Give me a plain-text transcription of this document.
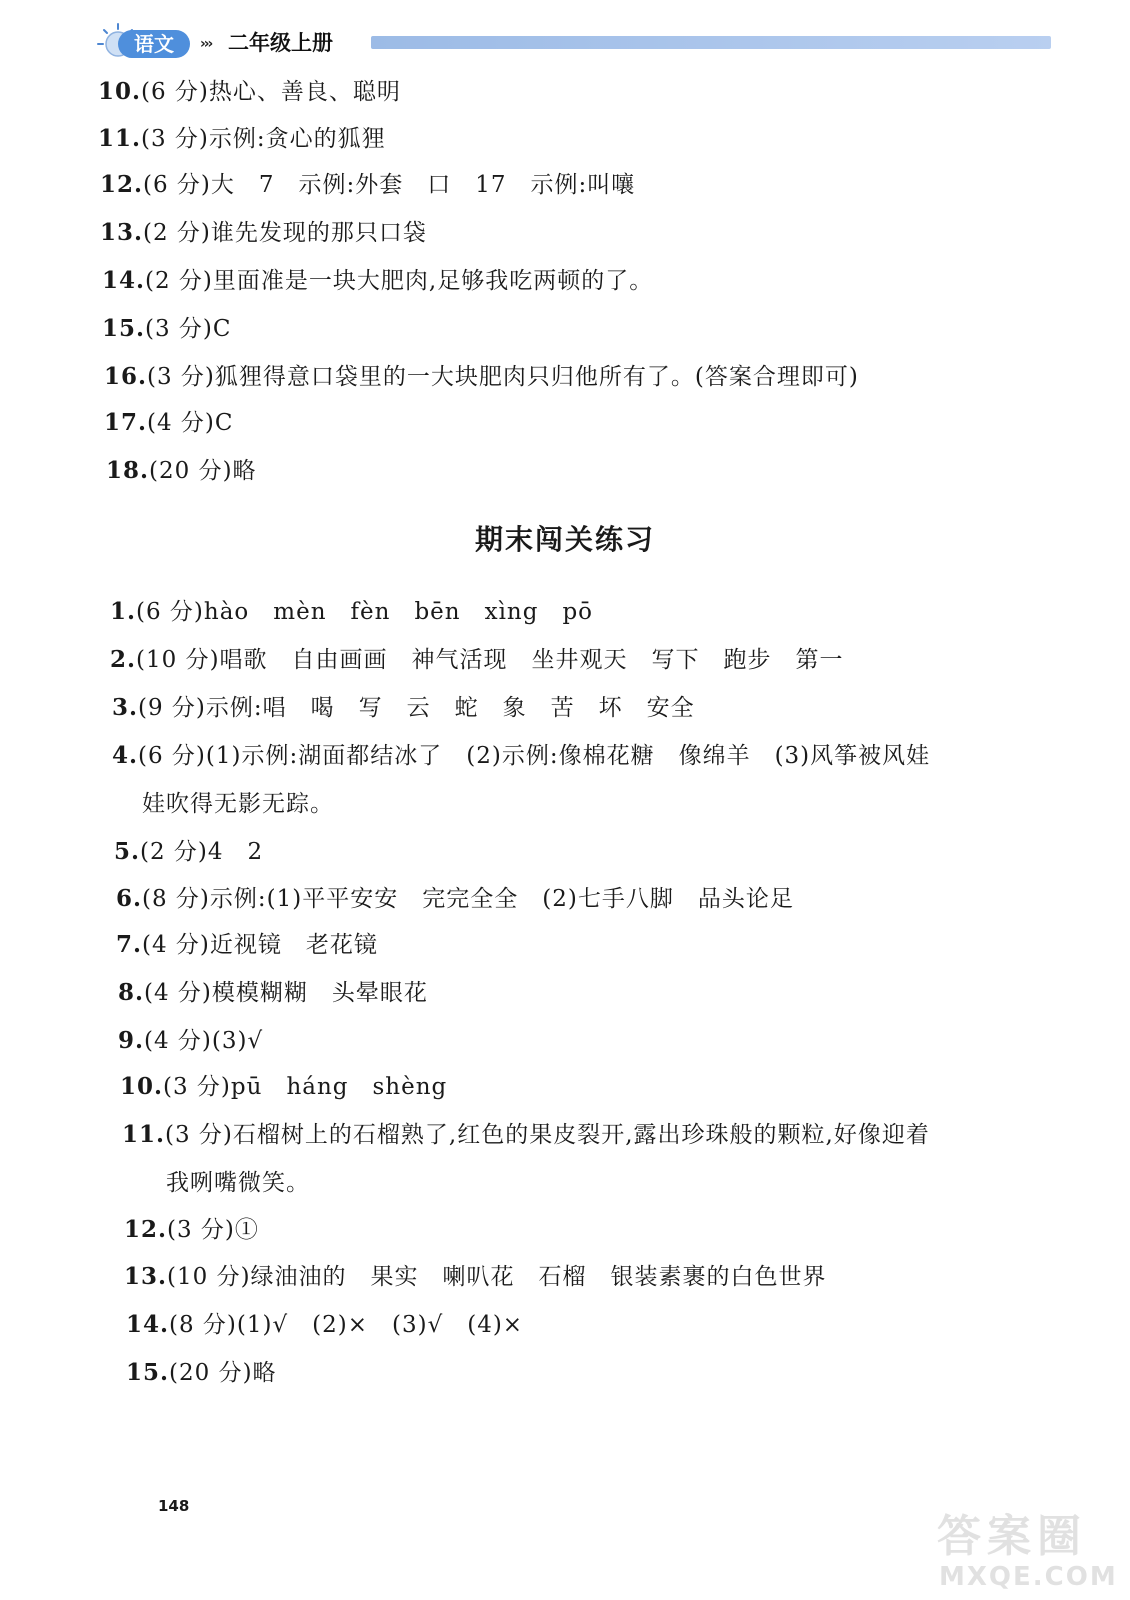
语文	››› 二年级上册
10.(6 分)热心、善良、聪明
11.(3 分)示例:贪心的狐狸
12.(6 分)大　7　示例:外套　口　17　示例:叫嚷
13.(2 分)谁先发现的那只口袋
14.(2 分)里面准是一块大肥肉,足够我吃两顿的了。
15.(3 分)C
16.(3 分)狐狸得意口袋里的一大块肥肉只归他所有了。(答案合理即可)
17.(4 分)C
18.(20 分)略
期末闯关练习
1.(6 分)hào　mèn　fèn　bēn　xìng　pō
2.(10 分)唱歌　自由画画　神气活现　坐井观天　写下　跑步　第一
3.(9 分)示例:唱　喝　写　云　蛇　象　苦　坏　安全
4.(6 分)(1)示例:湖面都结冰了　(2)示例:像棉花糖　像绵羊　(3)风筝被风娃
娃吹得无影无踪。
5.(2 分)4　2
6.(8 分)示例:(1)平平安安　完完全全　(2)七手八脚　品头论足
7.(4 分)近视镜　老花镜
8.(4 分)模模糊糊　头晕眼花
9.(4 分)(3)√
10.(3 分)pū　háng　shèng
11.(3 分)石榴树上的石榴熟了,红色的果皮裂开,露出珍珠般的颗粒,好像迎着
我咧嘴微笑。
12.(3 分)①
13.(10 分)绿油油的　果实　喇叭花　石榴　银装素裹的白色世界
14.(8 分)(1)√　(2)×　(3)√　(4)×
15.(20 分)略
148
答案圈
MXQE.COM
